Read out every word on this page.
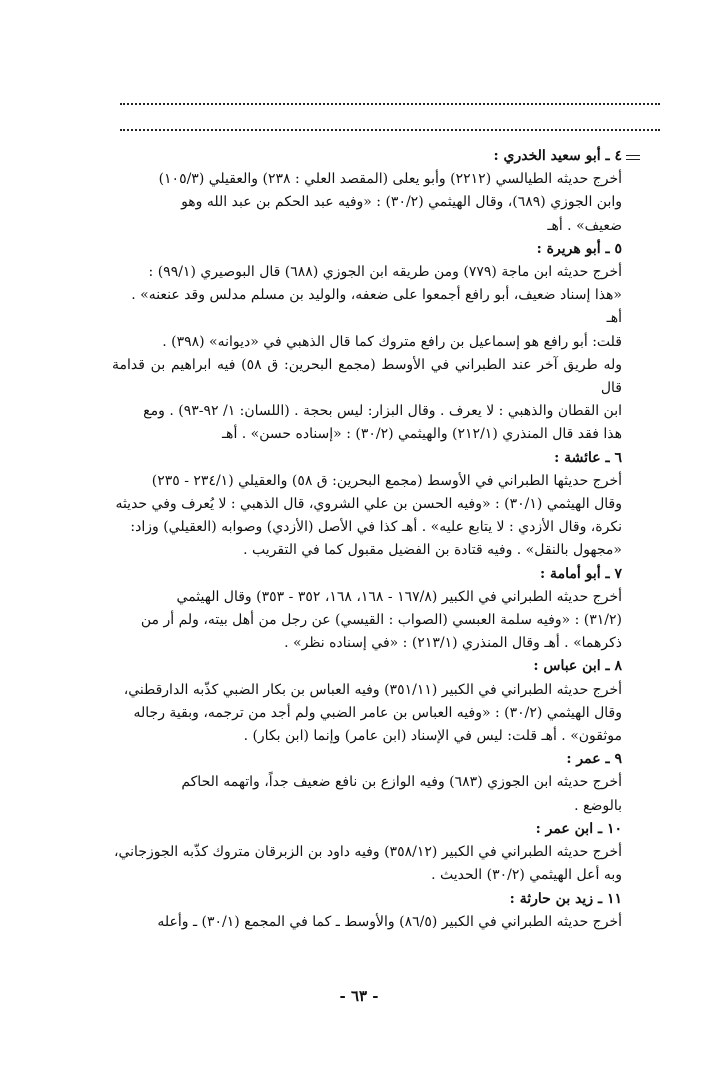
٤ ـ أبو سعيد الخدري :

أخرج حديثه الطيالسي (٢٢١٢) وأبو يعلى (المقصد العلي : ٢٣٨) والعقيلي (١٠٥/٣)

وابن الجوزي (٦٨٩)، وقال الهيثمي (٣٠/٢) : «وفيه عبد الحكم بن عبد الله وهو

ضعيف» . أهـ

٥ ـ أبو هريرة :

أخرج حديثه ابن ماجة (٧٧٩) ومن طريقه ابن الجوزي (٦٨٨) قال البوصيري (٩٩/١) :

«هذا إسناد ضعيف، أبو رافع أجمعوا على ضعفه، والوليد بن مسلم مدلس وقد عنعنه» .

أهـ

قلت: أبو رافع هو إسماعيل بن رافع متروك كما قال الذهبي في «ديوانه» (٣٩٨) .

وله طريق آخر عند الطبراني في الأوسط (مجمع البحرين: ق ٥٨) فيه ابراهيم بن قدامة قال

ابن القطان والذهبي : لا يعرف . وقال البزار: ليس بحجة . (اللسان: ١/ ٩٢-٩٣) . ومع

هذا فقد قال المنذري (٢١٢/١) والهيثمي (٣٠/٢) : «إسناده حسن» . أهـ

٦ ـ عائشة :

أخرج حديثها الطبراني في الأوسط (مجمع البحرين: ق ٥٨) والعقيلي (٢٣٤/١ - ٢٣٥)

وقال الهيثمي (٣٠/١) : «وفيه الحسن بن علي الشروي، قال الذهبي : لا يُعرف وفي حديثه

نكرة، وقال الأزدي : لا يتابع عليه» . أهـ كذا في الأصل (الأزدي) وصوابه (العقيلي) وزاد:

«مجهول بالنقل» . وفيه قتادة بن الفضيل مقبول كما في التقريب .

٧ ـ أبو أمامة :

أخرج حديثه الطبراني في الكبير (١٦٧/٨ - ١٦٨، ١٦٨، ٣٥٢ - ٣٥٣) وقال الهيثمي

(٣١/٢) : «وفيه سلمة العبسي (الصواب : القيسي) عن رجل من أهل بيته، ولم أر من

ذكرهما» . أهـ وقال المنذري (٢١٣/١) : «في إسناده نظر» .

٨ ـ ابن عباس :

أخرج حديثه الطبراني في الكبير (٣٥١/١١) وفيه العباس بن بكار الضبي كذّبه الدارقطني،

وقال الهيثمي (٣٠/٢) : «وفيه العباس بن عامر الضبي ولم أجد من ترجمه، وبقية رجاله

موثقون» . أهـ قلت: ليس في الإسناد (ابن عامر) وإنما (ابن بكار) .

٩ ـ عمر :

أخرج حديثه ابن الجوزي (٦٨٣) وفيه الوازع بن نافع ضعيف جداً، واتهمه الحاكم

بالوضع .

١٠ ـ ابن عمر :

أخرج حديثه الطبراني في الكبير (٣٥٨/١٢) وفيه داود بن الزبرقان متروك كذّبه الجوزجاني،

وبه أعل الهيثمي (٣٠/٢) الحديث .

١١ ـ زيد بن حارثة :

أخرج حديثه الطبراني في الكبير (٨٦/٥) والأوسط ـ كما في المجمع (٣٠/١) ـ وأعله

- ٦٣ -
